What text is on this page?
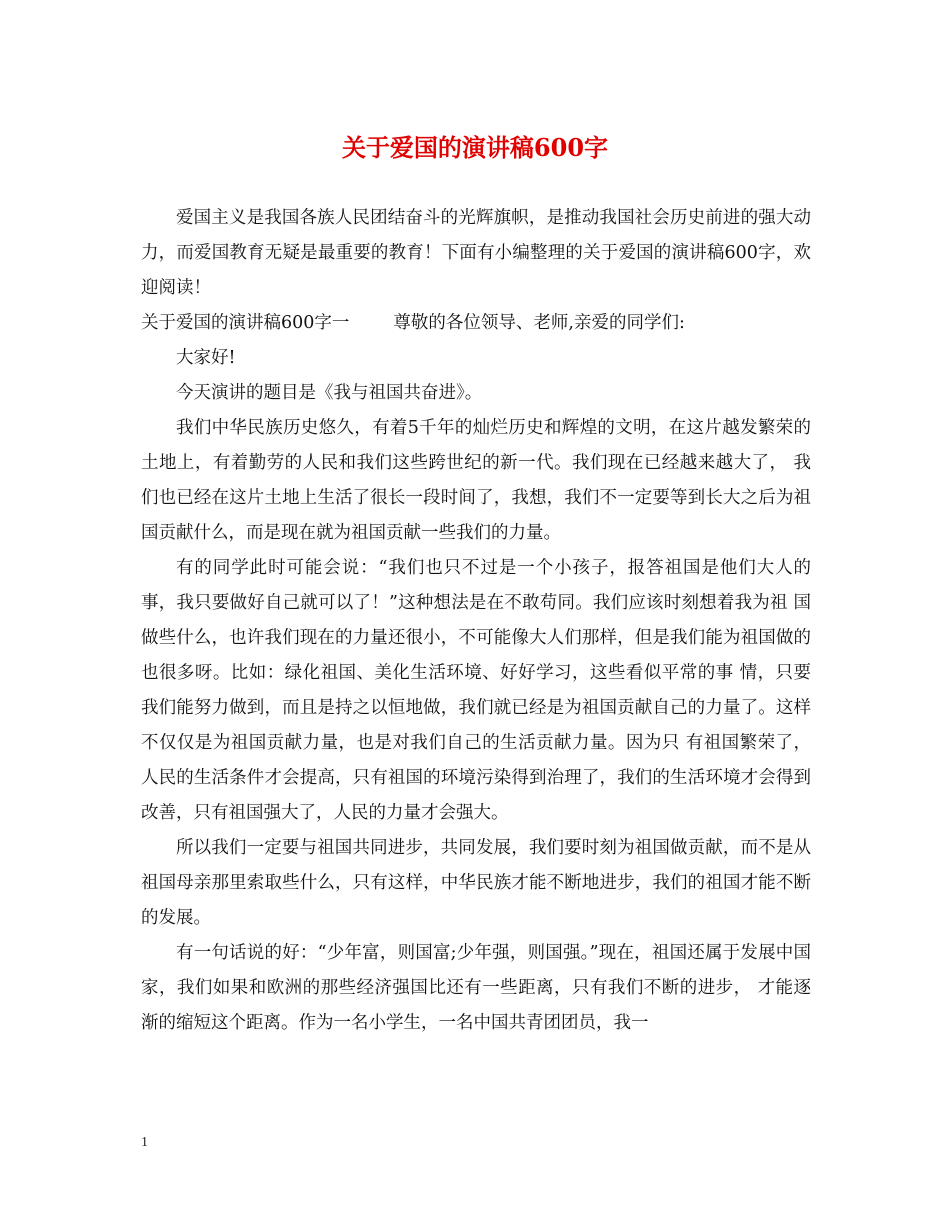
关于爱国的演讲稿600字

爱国主义是我国各族人民团结奋斗的光辉旗帜，是推动我国社会历史前进的强大动力，而爱国教育无疑是最重要的教育！下面有小编整理的关于爱国的演讲稿600字，欢迎阅读！

关于爱国的演讲稿600字一	尊敬的各位领导、老师,亲爱的同学们:

大家好!

今天演讲的题目是《我与祖国共奋进》。

我们中华民族历史悠久，有着5千年的灿烂历史和辉煌的文明，在这片越发繁荣的土地上，有着勤劳的人民和我们这些跨世纪的新一代。我们现在已经越来越大了， 我们也已经在这片土地上生活了很长一段时间了，我想，我们不一定要等到长大之后为祖国贡献什么，而是现在就为祖国贡献一些我们的力量。

有的同学此时可能会说：“我们也只不过是一个小孩子，报答祖国是他们大人的事，我只要做好自己就可以了！”这种想法是在不敢苟同。我们应该时刻想着我为祖 国做些什么，也许我们现在的力量还很小，不可能像大人们那样，但是我们能为祖国做的也很多呀。比如：绿化祖国、美化生活环境、好好学习，这些看似平常的事 情，只要我们能努力做到，而且是持之以恒地做，我们就已经是为祖国贡献自己的力量了。这样不仅仅是为祖国贡献力量，也是对我们自己的生活贡献力量。因为只 有祖国繁荣了，人民的生活条件才会提高，只有祖国的环境污染得到治理了，我们的生活环境才会得到改善，只有祖国强大了，人民的力量才会强大。

所以我们一定要与祖国共同进步，共同发展，我们要时刻为祖国做贡献，而不是从祖国母亲那里索取些什么，只有这样，中华民族才能不断地进步，我们的祖国才能不断的发展。

有一句话说的好：“少年富，则国富;少年强，则国强。”现在，祖国还属于发展中国家，我们如果和欧洲的那些经济强国比还有一些距离，只有我们不断的进步， 才能逐渐的缩短这个距离。作为一名小学生，一名中国共青团团员，我一

1
